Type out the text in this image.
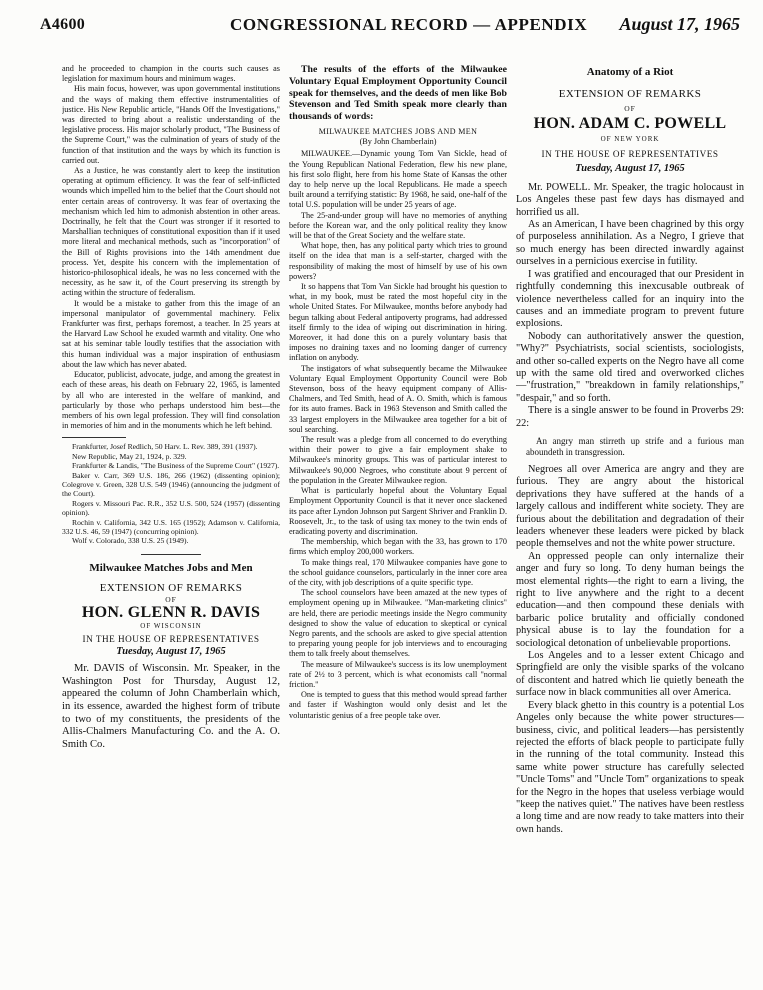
A4600	CONGRESSIONAL RECORD — APPENDIX August 17, 1965

and he proceeded to champion in the courts such causes as legislation for maximum hours and minimum wages.

His main focus, however, was upon governmental institutions and the ways of making them effective instrumentalities of justice. His New Republic article, "Hands Off the Investigations," was directed to bring about a realistic understanding of the legislative process. His major scholarly product, "The Business of the Supreme Court," was the culmination of years of study of the function of that institution and the ways by which its function is carried out.

As a Justice, he was constantly alert to keep the institution operating at optimum efficiency. It was the fear of self-inflicted wounds which impelled him to the belief that the Court should not enter certain areas of controversy. It was fear of overtaxing the mechanism which led him to admonish abstention in other areas. Doctrinally, he felt that the Court was stronger if it resorted to Marshallian techniques of constitutional exposition than if it used more literal and mechanical methods, such as "incorporation" of the Bill of Rights provisions into the 14th amendment due process. Yet, despite his concern with the implementation of historico-philosophical ideals, he was no less concerned with the necessity, as he saw it, of the Court preserving its strength by acting within the structure of federalism.

It would be a mistake to gather from this the image of an impersonal manipulator of governmental machinery. Felix Frankfurter was first, perhaps foremost, a teacher. In 25 years at the Harvard Law School he exuded warmth and vitality. One who sat at his seminar table loudly testifies that the association with this human individual was a major inspiration of enthusiasm about the law which has never abated.

Educator, publicist, advocate, judge, and among the greatest in each of these areas, his death on February 22, 1965, is lamented by all who are interested in the welfare of mankind, and particularly by those who perhaps understood him best—the members of his own legal profession. They will find consolation in memories of him and in the monuments which he left behind.

Frankfurter, Josef Redlich, 50 Harv. L. Rev. 389, 391 (1937).

New Republic, May 21, 1924, p. 329.

Frankfurter & Landis, "The Business of the Supreme Court" (1927).

Baker v. Carr, 369 U.S. 186, 266 (1962) (dissenting opinion); Colegrove v. Green, 328 U.S. 549 (1946) (announcing the judgment of the Court).

Rogers v. Missouri Pac. R.R., 352 U.S. 500, 524 (1957) (dissenting opinion).

Rochin v. California, 342 U.S. 165 (1952); Adamson v. California, 332 U.S. 46, 59 (1947) (concurring opinion).

Wolf v. Colorado, 338 U.S. 25 (1949).

Milwaukee Matches Jobs and Men
EXTENSION OF REMARKS
OF
HON. GLENN R. DAVIS
OF WISCONSIN
IN THE HOUSE OF REPRESENTATIVES
Tuesday, August 17, 1965

Mr. DAVIS of Wisconsin. Mr. Speaker, in the Washington Post for Thursday, August 12, appeared the column of John Chamberlain which, in its essence, awarded the highest form of tribute to two of my constituents, the presidents of the Allis-Chalmers Manufacturing Co. and the A. O. Smith Co.

The results of the efforts of the Milwaukee Voluntary Equal Employment Opportunity Council speak for themselves, and the deeds of men like Bob Stevenson and Ted Smith speak more clearly than thousands of words:

MILWAUKEE MATCHES JOBS AND MEN
(By John Chamberlain)

MILWAUKEE.—Dynamic young Tom Van Sickle, head of the Young Republican National Federation, flew his new plane, his first solo flight, here from his home State of Kansas the other day to help nerve up the local Republicans. He made a speech built around a terrifying statistic: By 1968, he said, one-half of the total U.S. population will be under 25 years of age.

The 25-and-under group will have no memories of anything before the Korean war, and the only political reality they know will be that of the Great Society and the welfare state.

What hope, then, has any political party which tries to ground itself on the idea that man is a self-starter, charged with the responsibility of making the most of himself by use of his own powers?

It so happens that Tom Van Sickle had brought his question to what, in my book, must be rated the most hopeful city in the whole United States. For Milwaukee, months before anybody had begun talking about Federal antipoverty programs, had addressed itself firmly to the idea of wiping out discrimination in hiring. Moreover, it had done this on a purely voluntary basis that imposes no draining taxes and no looming danger of currency inflation on anybody.

The instigators of what subsequently became the Milwaukee Voluntary Equal Employment Opportunity Council were Bob Stevenson, boss of the heavy equipment company of Allis-Chalmers, and Ted Smith, head of A. O. Smith, which is famous for its auto frames. Back in 1963 Stevenson and Smith called the 33 largest employers in the Milwaukee area together for a bit of soul searching.

The result was a pledge from all concerned to do everything within their power to give a fair employment shake to Milwaukee's minority groups. This was of particular interest to Milwaukee's 90,000 Negroes, who constitute about 9 percent of the population in the Greater Milwaukee region.

What is particularly hopeful about the Voluntary Equal Employment Opportunity Council is that it never once slackened its pace after Lyndon Johnson put Sargent Shriver and Franklin D. Roosevelt, Jr., to the task of using tax money to the twin ends of eradicating poverty and discrimination.

The membership, which began with the 33, has grown to 170 firms which employ 200,000 workers.

To make things real, 170 Milwaukee companies have gone to the school guidance counselors, particularly in the inner core area of the city, with job descriptions of a quite specific type.

The school counselors have been amazed at the new types of employment opening up in Milwaukee. "Man-marketing clinics" are held, there are periodic meetings inside the Negro community designed to show the value of education to skeptical or cynical Negro parents, and the schools are asked to give special attention to preparing young people for job interviews and to encouraging them to talk freely about themselves.

The measure of Milwaukee's success is its low unemployment rate of 2½ to 3 percent, which is what economists call "normal friction."

One is tempted to guess that this method would spread farther and faster if Washington would only desist and let the voluntaristic genius of a free people take over.

Anatomy of a Riot
EXTENSION OF REMARKS
OF
HON. ADAM C. POWELL
OF NEW YORK
IN THE HOUSE OF REPRESENTATIVES
Tuesday, August 17, 1965

Mr. POWELL. Mr. Speaker, the tragic holocaust in Los Angeles these past few days has dismayed and horrified us all.

As an American, I have been chagrined by this orgy of purposeless annihilation. As a Negro, I grieve that so much energy has been directed inwardly against ourselves in a pernicious exercise in futility.

I was gratified and encouraged that our President in rightfully condemning this inexcusable outbreak of violence nevertheless called for an inquiry into the causes and an immediate program to prevent future explosions.

Nobody can authoritatively answer the question, "Why?" Psychiatrists, social scientists, sociologists, and other so-called experts on the Negro have all come up with the same old tired and overworked cliches—"frustration," "breakdown in family relationships," "despair," and so forth.

There is a single answer to be found in Proverbs 29: 22:

An angry man stirreth up strife and a furious man aboundeth in transgression.

Negroes all over America are angry and they are furious. They are angry about the historical deprivations they have suffered at the hands of a largely callous and indifferent white society. They are furious about the debilitation and degradation of their leaders whenever these leaders were picked by black people themselves and not the white power structure.

An oppressed people can only internalize their anger and fury so long. To deny human beings the most elemental rights—the right to earn a living, the right to live anywhere and the right to a decent education—and then compound these denials with barbaric police brutality and officially condoned physical abuse is to lay the foundation for a sociological detonation of unbelievable proportions.

Los Angeles and to a lesser extent Chicago and Springfield are only the visible sparks of the volcano of discontent and hatred which lie quietly beneath the surface now in black communities all over America.

Every black ghetto in this country is a potential Los Angeles only because the white power structures—business, civic, and political leaders—has persistently rejected the efforts of black people to participate fully in the running of the total community. Instead this same white power structure has carefully selected "Uncle Toms" and "Uncle Tom" organizations to speak for the Negro in the hopes that useless verbiage would "keep the natives quiet." The natives have been restless a long time and are now ready to take matters into their own hands.
